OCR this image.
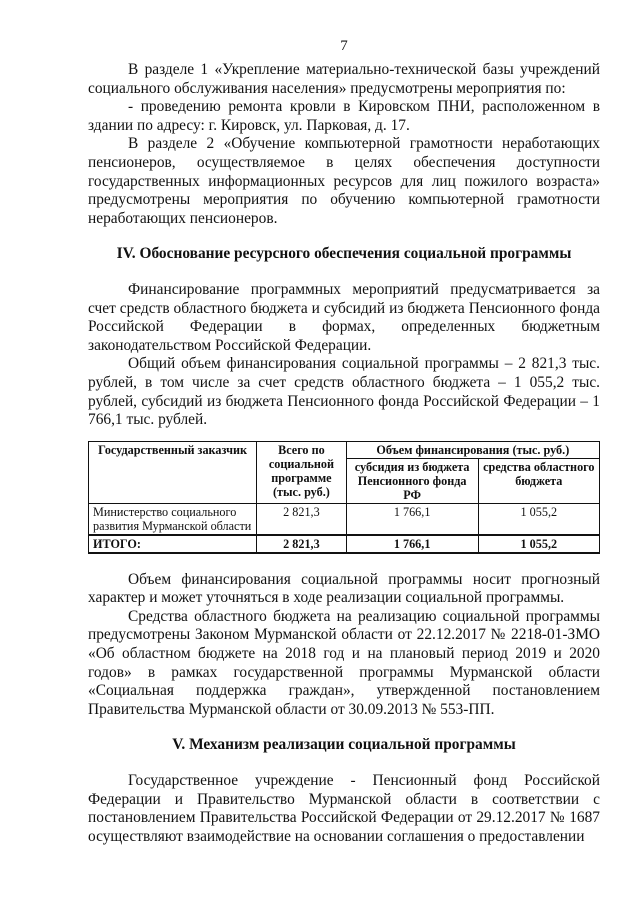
7

В разделе 1 «Укрепление материально-технической базы учреждений социального обслуживания населения» предусмотрены мероприятия по:

- проведению ремонта кровли в Кировском ПНИ, расположенном в здании по адресу: г. Кировск, ул. Парковая, д. 17.

В разделе 2 «Обучение компьютерной грамотности неработающих пенсионеров, осуществляемое в целях обеспечения доступности государственных информационных ресурсов для лиц пожилого возраста» предусмотрены мероприятия по обучению компьютерной грамотности неработающих пенсионеров.

IV. Обоснование ресурсного обеспечения социальной программы

Финансирование программных мероприятий предусматривается за счет средств областного бюджета и субсидий из бюджета Пенсионного фонда Российской Федерации в формах, определенных бюджетным законодательством Российской Федерации.

Общий объем финансирования социальной программы – 2 821,3 тыс. рублей, в том числе за счет средств областного бюджета – 1 055,2 тыс. рублей, субсидий из бюджета Пенсионного фонда Российской Федерации – 1 766,1 тыс. рублей.

Государственный заказчик	Всего по социальной программе (тыс. руб.)	Объем финансирования (тыс. руб.)	
		субсидия из бюджета Пенсионного фонда РФ	средства областного бюджета
Министерство социального развития Мурманской области	2 821,3	1 766,1	1 055,2
ИТОГО:	2 821,3	1 766,1	1 055,2

Объем финансирования социальной программы носит прогнозный характер и может уточняться в ходе реализации социальной программы.

Средства областного бюджета на реализацию социальной программы предусмотрены Законом Мурманской области от 22.12.2017 № 2218-01-ЗМО «Об областном бюджете на 2018 год и на плановый период 2019 и 2020 годов» в рамках государственной программы Мурманской области «Социальная поддержка граждан», утвержденной постановлением Правительства Мурманской области от 30.09.2013 № 553-ПП.

V. Механизм реализации социальной программы

Государственное учреждение - Пенсионный фонд Российской Федерации и Правительство Мурманской области в соответствии с постановлением Правительства Российской Федерации от 29.12.2017 № 1687 осуществляют взаимодействие на основании соглашения о предоставлении
